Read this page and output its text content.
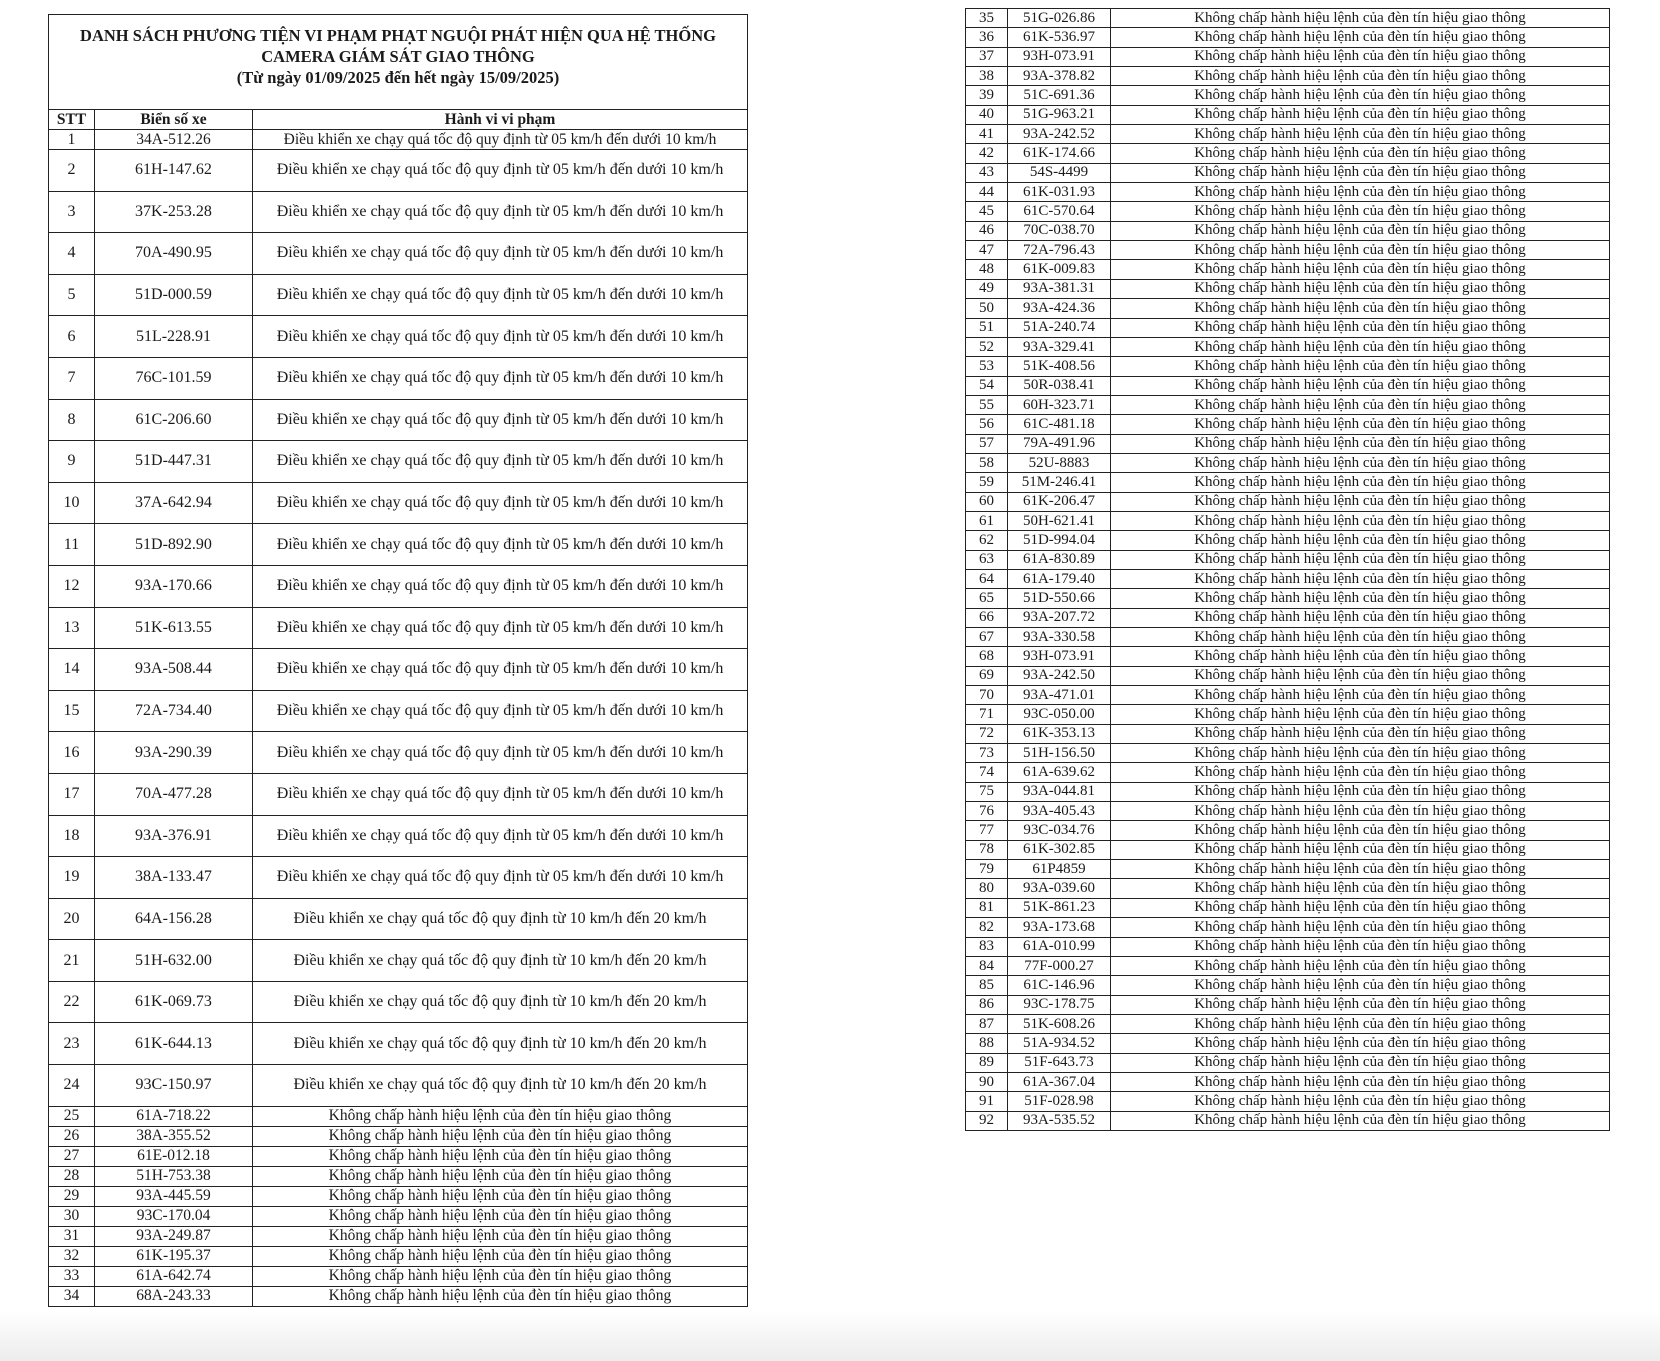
DANH SÁCH PHƯƠNG TIỆN VI PHẠM PHẠT NGUỘI PHÁT HIỆN QUA HỆ THỐNG
CAMERA GIÁM SÁT GIAO THÔNG
(Từ ngày 01/09/2025 đến hết ngày 15/09/2025)		

STT	Biển số xe	Hành vi vi phạm
1	34A-512.26	Điều khiển xe chạy quá tốc độ quy định từ 05 km/h đến dưới 10 km/h
2	61H-147.62	Điều khiển xe chạy quá tốc độ quy định từ 05 km/h đến dưới 10 km/h
3	37K-253.28	Điều khiển xe chạy quá tốc độ quy định từ 05 km/h đến dưới 10 km/h
4	70A-490.95	Điều khiển xe chạy quá tốc độ quy định từ 05 km/h đến dưới 10 km/h
5	51D-000.59	Điều khiển xe chạy quá tốc độ quy định từ 05 km/h đến dưới 10 km/h
6	51L-228.91	Điều khiển xe chạy quá tốc độ quy định từ 05 km/h đến dưới 10 km/h
7	76C-101.59	Điều khiển xe chạy quá tốc độ quy định từ 05 km/h đến dưới 10 km/h
8	61C-206.60	Điều khiển xe chạy quá tốc độ quy định từ 05 km/h đến dưới 10 km/h
9	51D-447.31	Điều khiển xe chạy quá tốc độ quy định từ 05 km/h đến dưới 10 km/h
10	37A-642.94	Điều khiển xe chạy quá tốc độ quy định từ 05 km/h đến dưới 10 km/h
11	51D-892.90	Điều khiển xe chạy quá tốc độ quy định từ 05 km/h đến dưới 10 km/h
12	93A-170.66	Điều khiển xe chạy quá tốc độ quy định từ 05 km/h đến dưới 10 km/h
13	51K-613.55	Điều khiển xe chạy quá tốc độ quy định từ 05 km/h đến dưới 10 km/h
14	93A-508.44	Điều khiển xe chạy quá tốc độ quy định từ 05 km/h đến dưới 10 km/h
15	72A-734.40	Điều khiển xe chạy quá tốc độ quy định từ 05 km/h đến dưới 10 km/h
16	93A-290.39	Điều khiển xe chạy quá tốc độ quy định từ 05 km/h đến dưới 10 km/h
17	70A-477.28	Điều khiển xe chạy quá tốc độ quy định từ 05 km/h đến dưới 10 km/h
18	93A-376.91	Điều khiển xe chạy quá tốc độ quy định từ 05 km/h đến dưới 10 km/h
19	38A-133.47	Điều khiển xe chạy quá tốc độ quy định từ 05 km/h đến dưới 10 km/h
20	64A-156.28	Điều khiển xe chạy quá tốc độ quy định từ 10 km/h đến 20 km/h
21	51H-632.00	Điều khiển xe chạy quá tốc độ quy định từ 10 km/h đến 20 km/h
22	61K-069.73	Điều khiển xe chạy quá tốc độ quy định từ 10 km/h đến 20 km/h
23	61K-644.13	Điều khiển xe chạy quá tốc độ quy định từ 10 km/h đến 20 km/h
24	93C-150.97	Điều khiển xe chạy quá tốc độ quy định từ 10 km/h đến 20 km/h
25	61A-718.22	Không chấp hành hiệu lệnh của đèn tín hiệu giao thông
26	38A-355.52	Không chấp hành hiệu lệnh của đèn tín hiệu giao thông
27	61E-012.18	Không chấp hành hiệu lệnh của đèn tín hiệu giao thông
28	51H-753.38	Không chấp hành hiệu lệnh của đèn tín hiệu giao thông
29	93A-445.59	Không chấp hành hiệu lệnh của đèn tín hiệu giao thông
30	93C-170.04	Không chấp hành hiệu lệnh của đèn tín hiệu giao thông
31	93A-249.87	Không chấp hành hiệu lệnh của đèn tín hiệu giao thông
32	61K-195.37	Không chấp hành hiệu lệnh của đèn tín hiệu giao thông
33	61A-642.74	Không chấp hành hiệu lệnh của đèn tín hiệu giao thông
34	68A-243.33	Không chấp hành hiệu lệnh của đèn tín hiệu giao thông
35	51G-026.86	Không chấp hành hiệu lệnh của đèn tín hiệu giao thông
36	61K-536.97	Không chấp hành hiệu lệnh của đèn tín hiệu giao thông
37	93H-073.91	Không chấp hành hiệu lệnh của đèn tín hiệu giao thông
38	93A-378.82	Không chấp hành hiệu lệnh của đèn tín hiệu giao thông
39	51C-691.36	Không chấp hành hiệu lệnh của đèn tín hiệu giao thông
40	51G-963.21	Không chấp hành hiệu lệnh của đèn tín hiệu giao thông
41	93A-242.52	Không chấp hành hiệu lệnh của đèn tín hiệu giao thông
42	61K-174.66	Không chấp hành hiệu lệnh của đèn tín hiệu giao thông
43	54S-4499	Không chấp hành hiệu lệnh của đèn tín hiệu giao thông
44	61K-031.93	Không chấp hành hiệu lệnh của đèn tín hiệu giao thông
45	61C-570.64	Không chấp hành hiệu lệnh của đèn tín hiệu giao thông
46	70C-038.70	Không chấp hành hiệu lệnh của đèn tín hiệu giao thông
47	72A-796.43	Không chấp hành hiệu lệnh của đèn tín hiệu giao thông
48	61K-009.83	Không chấp hành hiệu lệnh của đèn tín hiệu giao thông
49	93A-381.31	Không chấp hành hiệu lệnh của đèn tín hiệu giao thông
50	93A-424.36	Không chấp hành hiệu lệnh của đèn tín hiệu giao thông
51	51A-240.74	Không chấp hành hiệu lệnh của đèn tín hiệu giao thông
52	93A-329.41	Không chấp hành hiệu lệnh của đèn tín hiệu giao thông
53	51K-408.56	Không chấp hành hiệu lệnh của đèn tín hiệu giao thông
54	50R-038.41	Không chấp hành hiệu lệnh của đèn tín hiệu giao thông
55	60H-323.71	Không chấp hành hiệu lệnh của đèn tín hiệu giao thông
56	61C-481.18	Không chấp hành hiệu lệnh của đèn tín hiệu giao thông
57	79A-491.96	Không chấp hành hiệu lệnh của đèn tín hiệu giao thông
58	52U-8883	Không chấp hành hiệu lệnh của đèn tín hiệu giao thông
59	51M-246.41	Không chấp hành hiệu lệnh của đèn tín hiệu giao thông
60	61K-206.47	Không chấp hành hiệu lệnh của đèn tín hiệu giao thông
61	50H-621.41	Không chấp hành hiệu lệnh của đèn tín hiệu giao thông
62	51D-994.04	Không chấp hành hiệu lệnh của đèn tín hiệu giao thông
63	61A-830.89	Không chấp hành hiệu lệnh của đèn tín hiệu giao thông
64	61A-179.40	Không chấp hành hiệu lệnh của đèn tín hiệu giao thông
65	51D-550.66	Không chấp hành hiệu lệnh của đèn tín hiệu giao thông
66	93A-207.72	Không chấp hành hiệu lệnh của đèn tín hiệu giao thông
67	93A-330.58	Không chấp hành hiệu lệnh của đèn tín hiệu giao thông
68	93H-073.91	Không chấp hành hiệu lệnh của đèn tín hiệu giao thông
69	93A-242.50	Không chấp hành hiệu lệnh của đèn tín hiệu giao thông
70	93A-471.01	Không chấp hành hiệu lệnh của đèn tín hiệu giao thông
71	93C-050.00	Không chấp hành hiệu lệnh của đèn tín hiệu giao thông
72	61K-353.13	Không chấp hành hiệu lệnh của đèn tín hiệu giao thông
73	51H-156.50	Không chấp hành hiệu lệnh của đèn tín hiệu giao thông
74	61A-639.62	Không chấp hành hiệu lệnh của đèn tín hiệu giao thông
75	93A-044.81	Không chấp hành hiệu lệnh của đèn tín hiệu giao thông
76	93A-405.43	Không chấp hành hiệu lệnh của đèn tín hiệu giao thông
77	93C-034.76	Không chấp hành hiệu lệnh của đèn tín hiệu giao thông
78	61K-302.85	Không chấp hành hiệu lệnh của đèn tín hiệu giao thông
79	61P4859	Không chấp hành hiệu lệnh của đèn tín hiệu giao thông
80	93A-039.60	Không chấp hành hiệu lệnh của đèn tín hiệu giao thông
81	51K-861.23	Không chấp hành hiệu lệnh của đèn tín hiệu giao thông
82	93A-173.68	Không chấp hành hiệu lệnh của đèn tín hiệu giao thông
83	61A-010.99	Không chấp hành hiệu lệnh của đèn tín hiệu giao thông
84	77F-000.27	Không chấp hành hiệu lệnh của đèn tín hiệu giao thông
85	61C-146.96	Không chấp hành hiệu lệnh của đèn tín hiệu giao thông
86	93C-178.75	Không chấp hành hiệu lệnh của đèn tín hiệu giao thông
87	51K-608.26	Không chấp hành hiệu lệnh của đèn tín hiệu giao thông
88	51A-934.52	Không chấp hành hiệu lệnh của đèn tín hiệu giao thông
89	51F-643.73	Không chấp hành hiệu lệnh của đèn tín hiệu giao thông
90	61A-367.04	Không chấp hành hiệu lệnh của đèn tín hiệu giao thông
91	51F-028.98	Không chấp hành hiệu lệnh của đèn tín hiệu giao thông
92	93A-535.52	Không chấp hành hiệu lệnh của đèn tín hiệu giao thông
